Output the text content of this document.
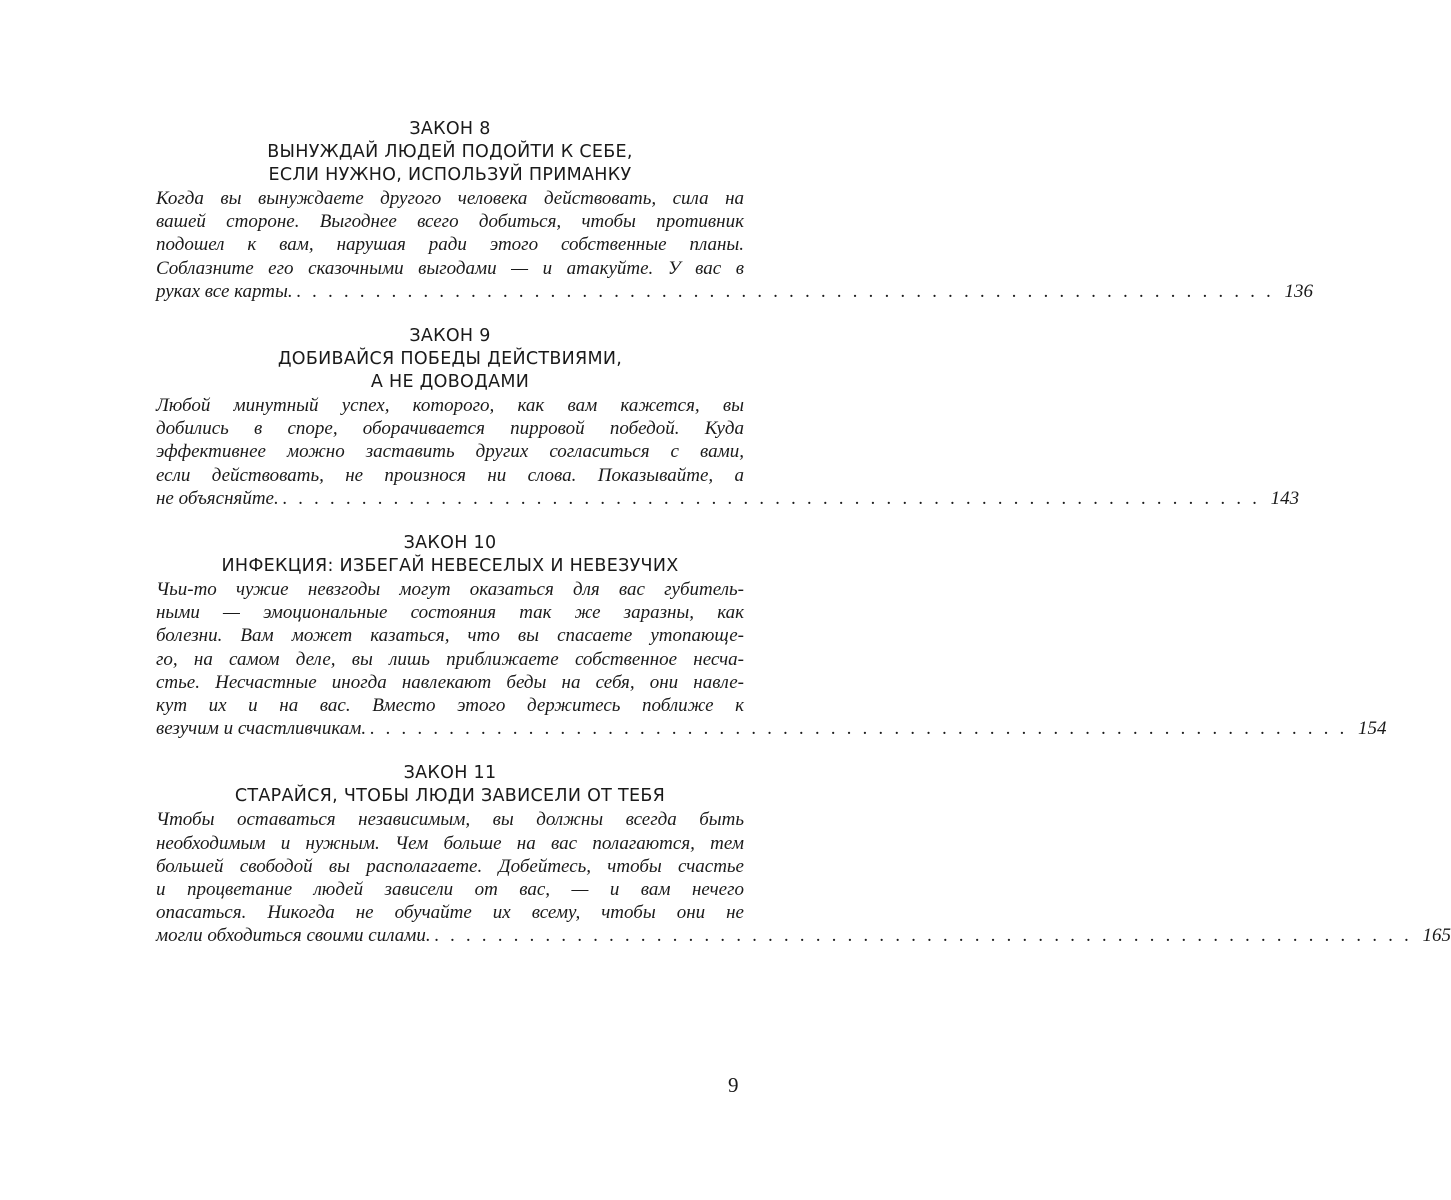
ЗАКОН 8

ВЫНУЖДАЙ ЛЮДЕЙ ПОДОЙТИ К СЕБЕ,

ЕСЛИ НУЖНО, ИСПОЛЬЗУЙ ПРИМАНКУ

Когда вы вынуждаете другого человека действовать, сила на
вашей стороне. Выгоднее всего добиться, чтобы противник
подошел к вам, нарушая ради этого собственные планы.
Соблазните его сказочными выгодами — и атакуйте. У вас в
руках все карты. . . . . . . . . . . . . . . . . . . . . . . . . . . . . . . . . . . . . . . . . . . . . . . . . . . . . . . . . . . . . . . 136

ЗАКОН 9

ДОБИВАЙСЯ ПОБЕДЫ ДЕЙСТВИЯМИ,

А НЕ ДОВОДАМИ

Любой минутный успех, которого, как вам кажется, вы
добились в споре, оборачивается пирровой победой. Куда
эффективнее можно заставить других согласиться с вами,
если действовать, не произнося ни слова. Показывайте, а
не объясняйте. . . . . . . . . . . . . . . . . . . . . . . . . . . . . . . . . . . . . . . . . . . . . . . . . . . . . . . . . . . . . . . 143

ЗАКОН 10

ИНФЕКЦИЯ: ИЗБЕГАЙ НЕВЕСЕЛЫХ И НЕВЕЗУЧИХ

Чьи-то чужие невзгоды могут оказаться для вас губитель-
ными — эмоциональные состояния так же заразны, как
болезни. Вам может казаться, что вы спасаете утопающе-
го, на самом деле, вы лишь приближаете собственное несча-
стье. Несчастные иногда навлекают беды на себя, они навле-
кут их и на вас. Вместо этого держитесь поближе к
везучим и счастливчикам. . . . . . . . . . . . . . . . . . . . . . . . . . . . . . . . . . . . . . . . . . . . . . . . . . . . . . . . . . . . . . . 154

ЗАКОН 11

СТАРАЙСЯ, ЧТОБЫ ЛЮДИ ЗАВИСЕЛИ ОТ ТЕБЯ

Чтобы оставаться независимым, вы должны всегда быть
необходимым и нужным. Чем больше на вас полагаются, тем
большей свободой вы располагаете. Добейтесь, чтобы счастье
и процветание людей зависели от вас, — и вам нечего
опасаться. Никогда не обучайте их всему, чтобы они не
могли обходиться своими силами. . . . . . . . . . . . . . . . . . . . . . . . . . . . . . . . . . . . . . . . . . . . . . . . . . . . . . . . . . . . . . . 165
9
